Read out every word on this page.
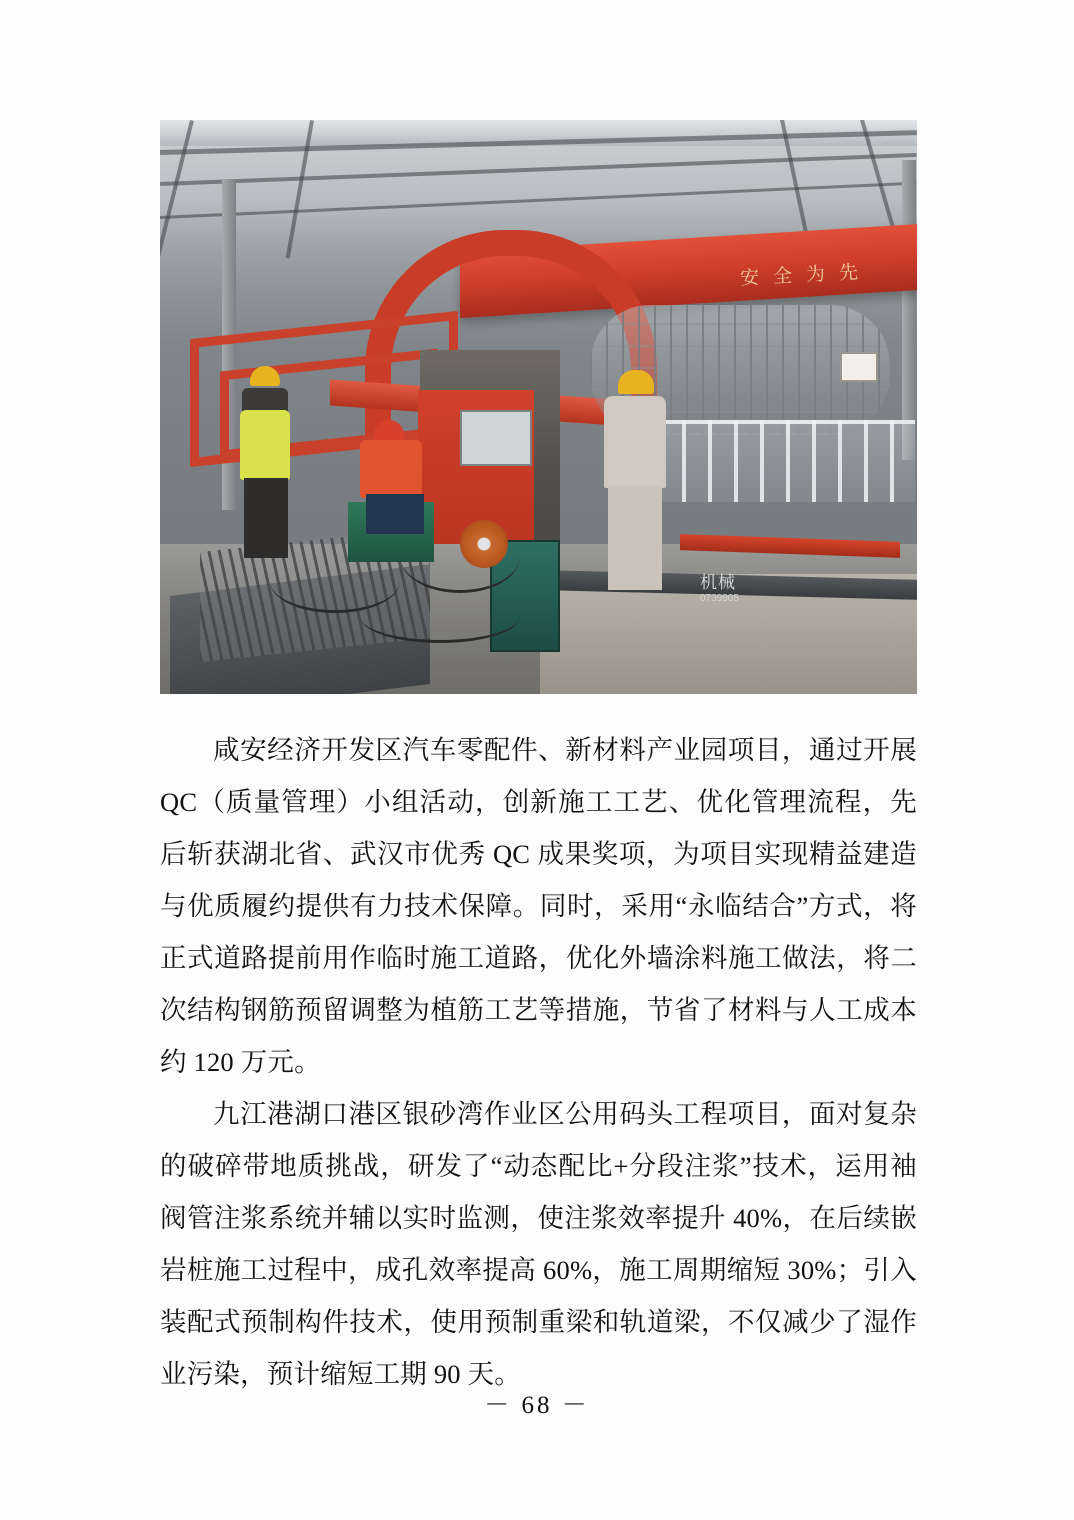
安全为先
机械
0739905

咸安经济开发区汽车零配件、新材料产业园项目，通过开展 QC（质量管理）小组活动，创新施工工艺、优化管理流程，先后斩获湖北省、武汉市优秀 QC 成果奖项，为项目实现精益建造与优质履约提供有力技术保障。同时，采用“永临结合”方式，将正式道路提前用作临时施工道路，优化外墙涂料施工做法，将二次结构钢筋预留调整为植筋工艺等措施，节省了材料与人工成本约 120 万元。

九江港湖口港区银砂湾作业区公用码头工程项目，面对复杂的破碎带地质挑战，研发了“动态配比+分段注浆”技术，运用袖阀管注浆系统并辅以实时监测，使注浆效率提升 40%，在后续嵌岩桩施工过程中，成孔效率提高 60%，施工周期缩短 30%；引入装配式预制构件技术，使用预制重梁和轨道梁，不仅减少了湿作业污染，预计缩短工期 90 天。

－ 68 －
